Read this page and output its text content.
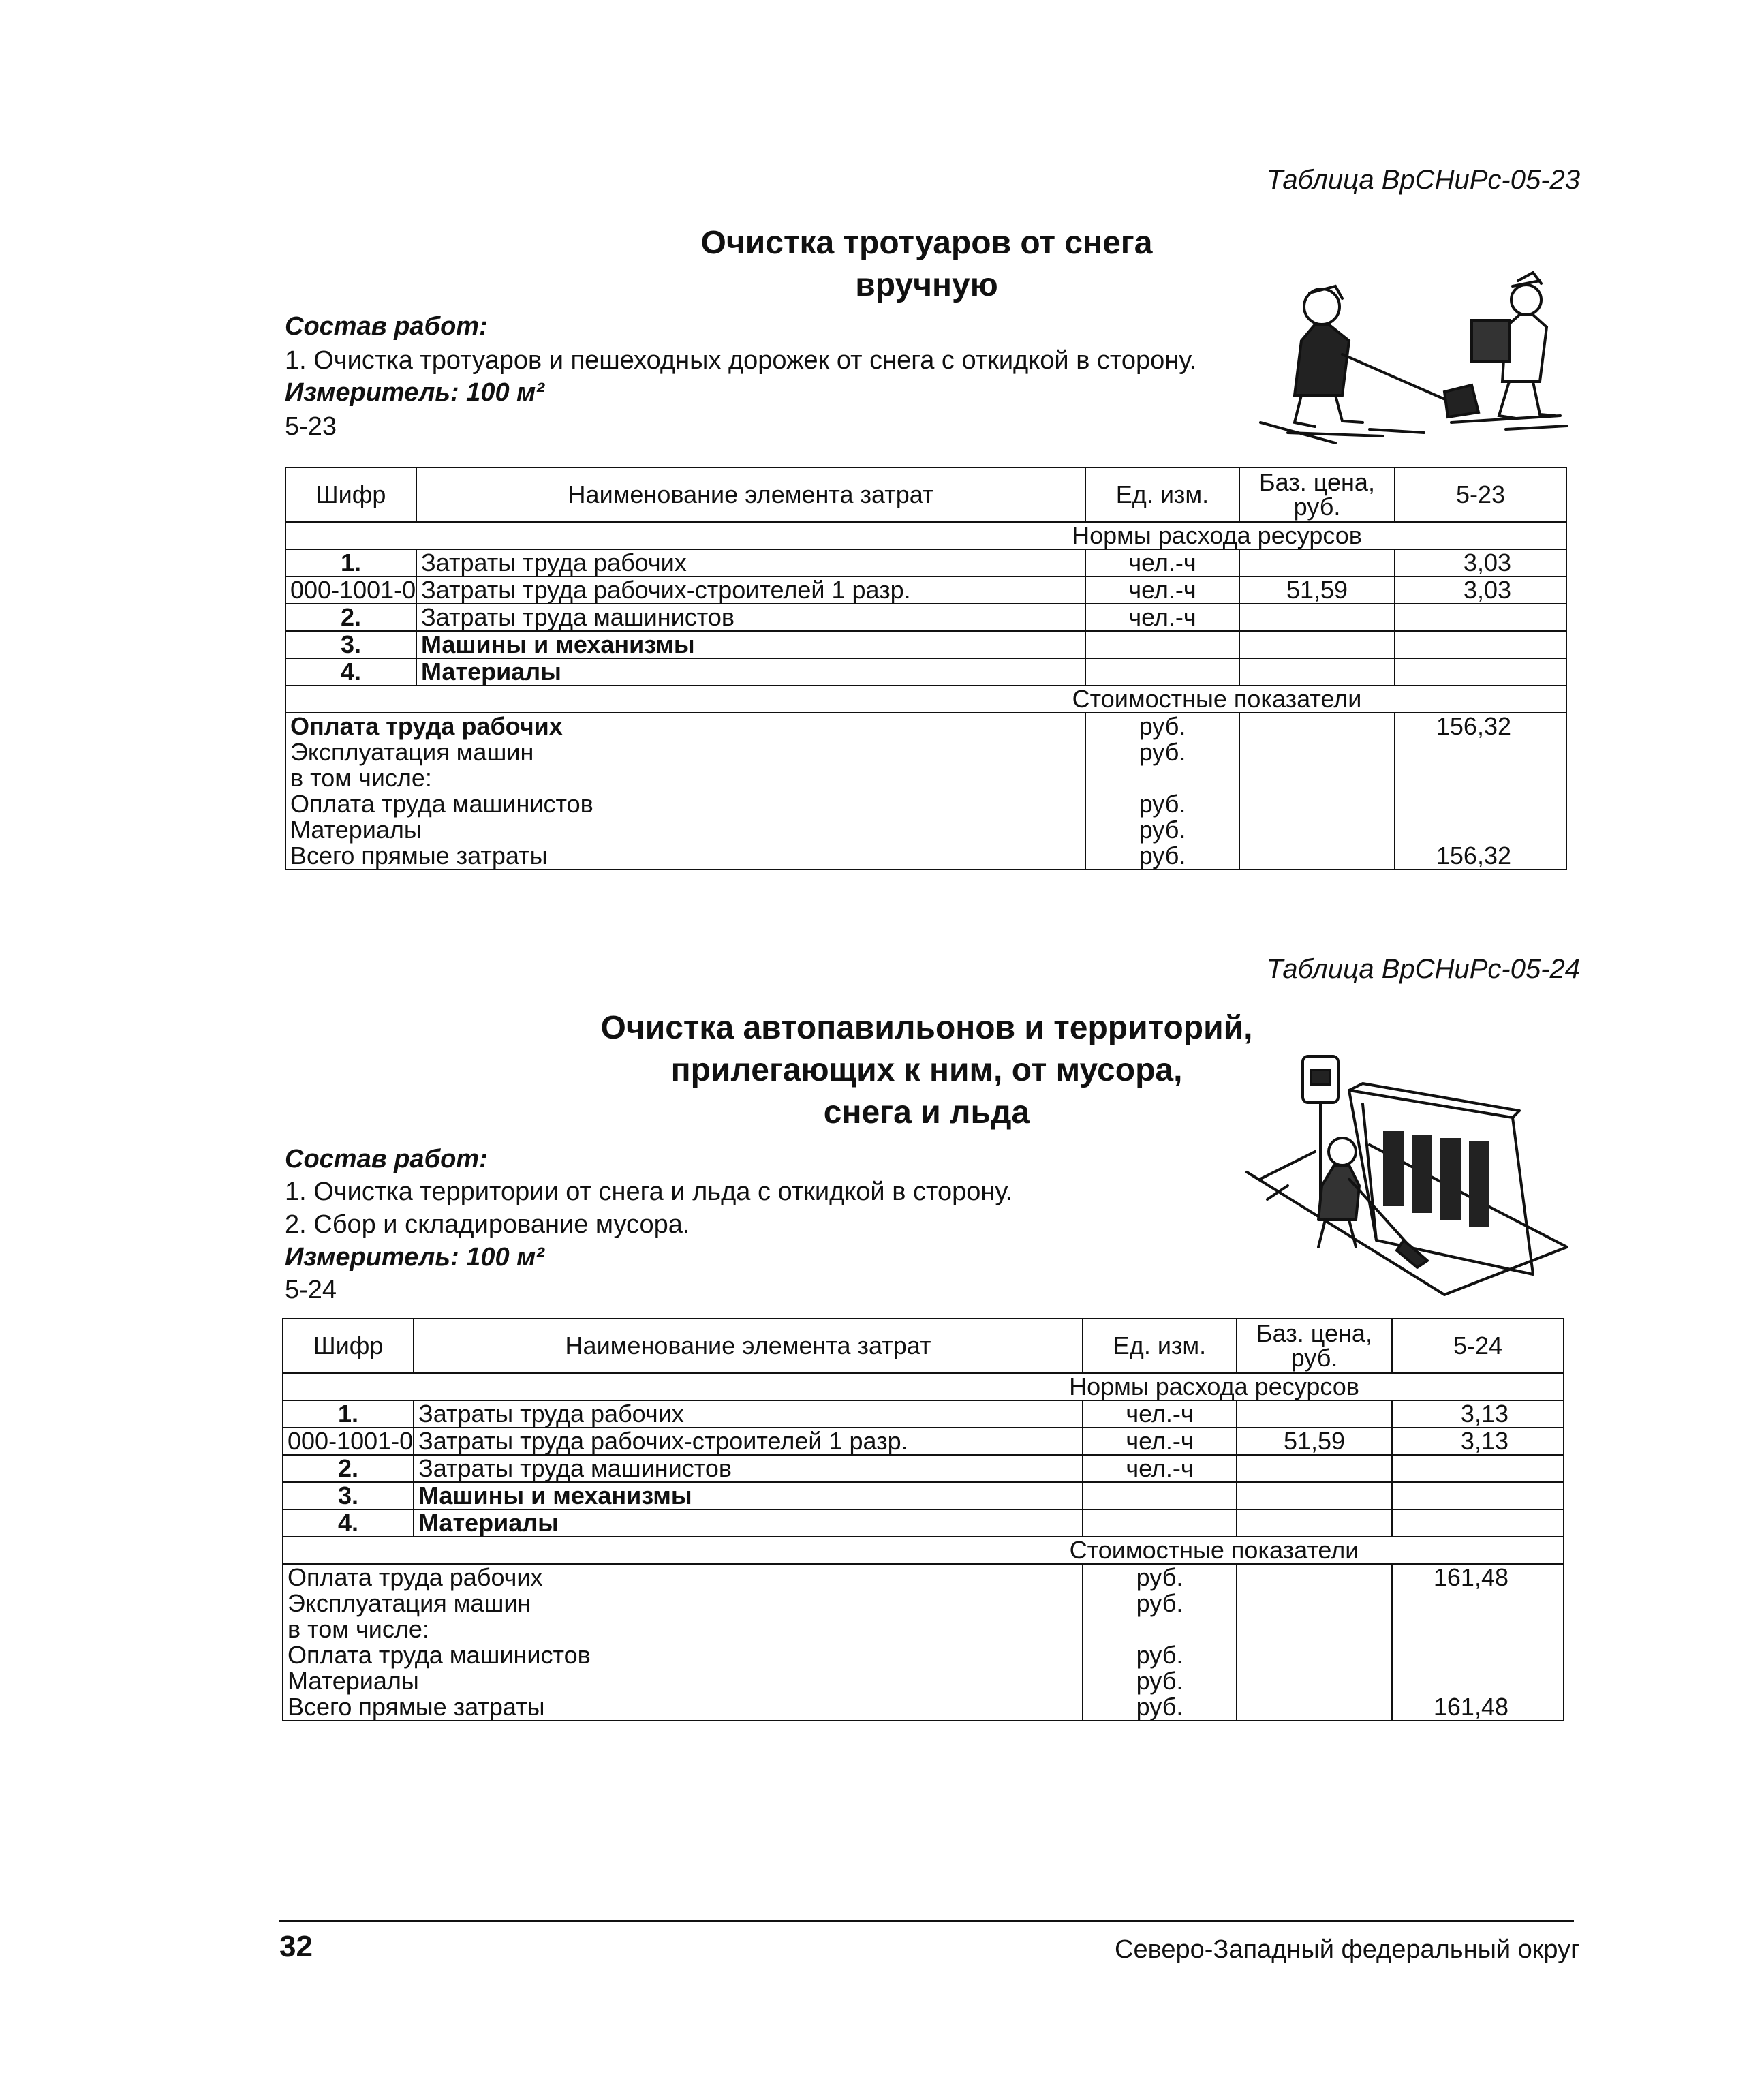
Таблица ВрСНиРс-05-23
Очистка тротуаров от снега
вручную
Состав работ:
1. Очистка тротуаров и пешеходных дорожек от снега с откидкой в сторону.
Измеритель: 100 м²
5-23
Шифр	Наименование элемента затрат	Ед. изм.	Баз. цена, руб.	5-23
Нормы расхода ресурсов				
1.	Затраты труда рабочих	чел.-ч		3,03
000-1001-0	Затраты труда рабочих-строителей 1 разр.	чел.-ч	51,59	3,03
2.	Затраты труда машинистов	чел.-ч		
3.	Машины и механизмы			
4.	Материалы			
Стоимостные показатели				
Оплата труда рабочих		руб.		156,32
Эксплуатация машин		руб.		
в том числе:				
Оплата труда машинистов		руб.		
Материалы		руб.		
Всего прямые затраты		руб.		156,32
Таблица ВрСНиРс-05-24
Очистка автопавильонов и территорий,
прилегающих к ним, от мусора,
снега и льда
Состав работ:
1. Очистка территории от снега и льда с откидкой в сторону.
2. Сбор и складирование мусора.
Измеритель: 100 м²
5-24
Шифр	Наименование элемента затрат	Ед. изм.	Баз. цена, руб.	5-24
Нормы расхода ресурсов				
1.	Затраты труда рабочих	чел.-ч		3,13
000-1001-0	Затраты труда рабочих-строителей 1 разр.	чел.-ч	51,59	3,13
2.	Затраты труда машинистов	чел.-ч		
3.	Машины и механизмы			
4.	Материалы			
Стоимостные показатели				
Оплата труда рабочих		руб.		161,48
Эксплуатация машин		руб.		
в том числе:				
Оплата труда машинистов		руб.		
Материалы		руб.		
Всего прямые затраты		руб.		161,48
32	Северо-Западный федеральный округ
